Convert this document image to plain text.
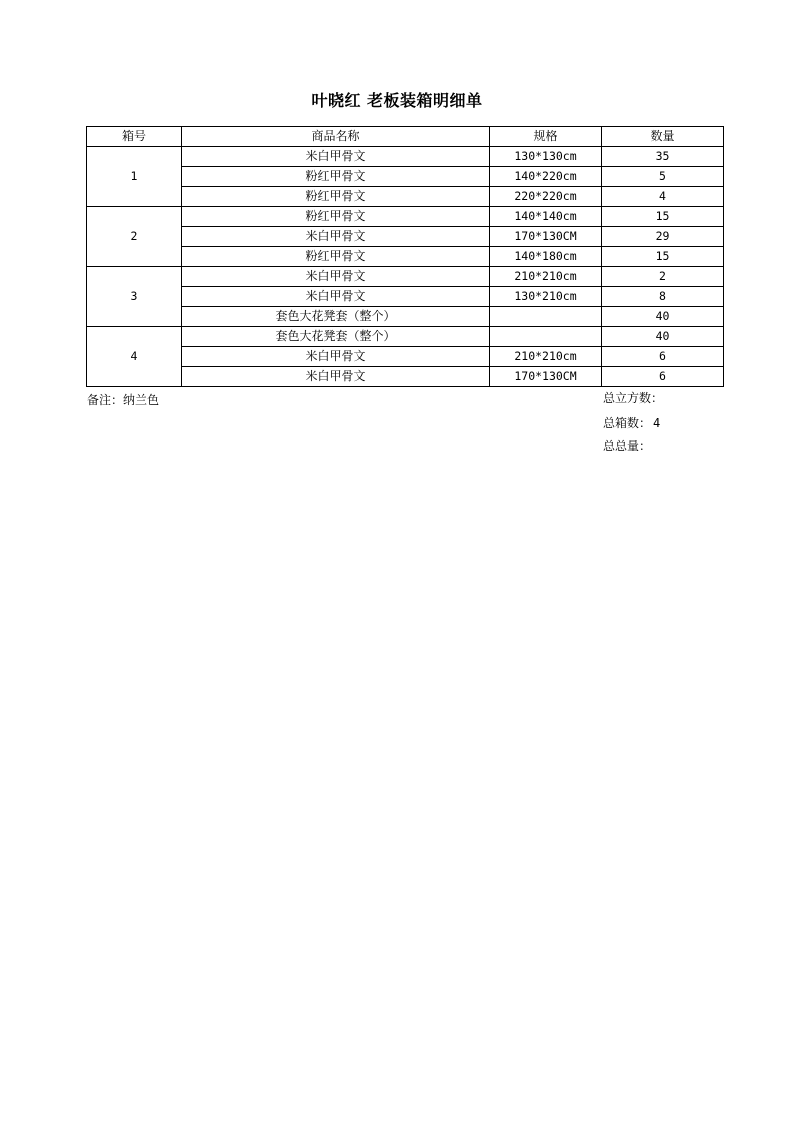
叶晓红 老板装箱明细单
箱号	商品名称	规格	数量
1	米白甲骨文	130*130cm	35
	粉红甲骨文	140*220cm	5
	粉红甲骨文	220*220cm	4
2	粉红甲骨文	140*140cm	15
	米白甲骨文	170*130CM	29
	粉红甲骨文	140*180cm	15
3	米白甲骨文	210*210cm	2
	米白甲骨文	130*210cm	8
	套色大花凳套（整个）		40
4	套色大花凳套（整个）		40
	米白甲骨文	210*210cm	6
	米白甲骨文	170*130CM	6
备注：纳兰色	总立方数：
总箱数： 4
总总量：
